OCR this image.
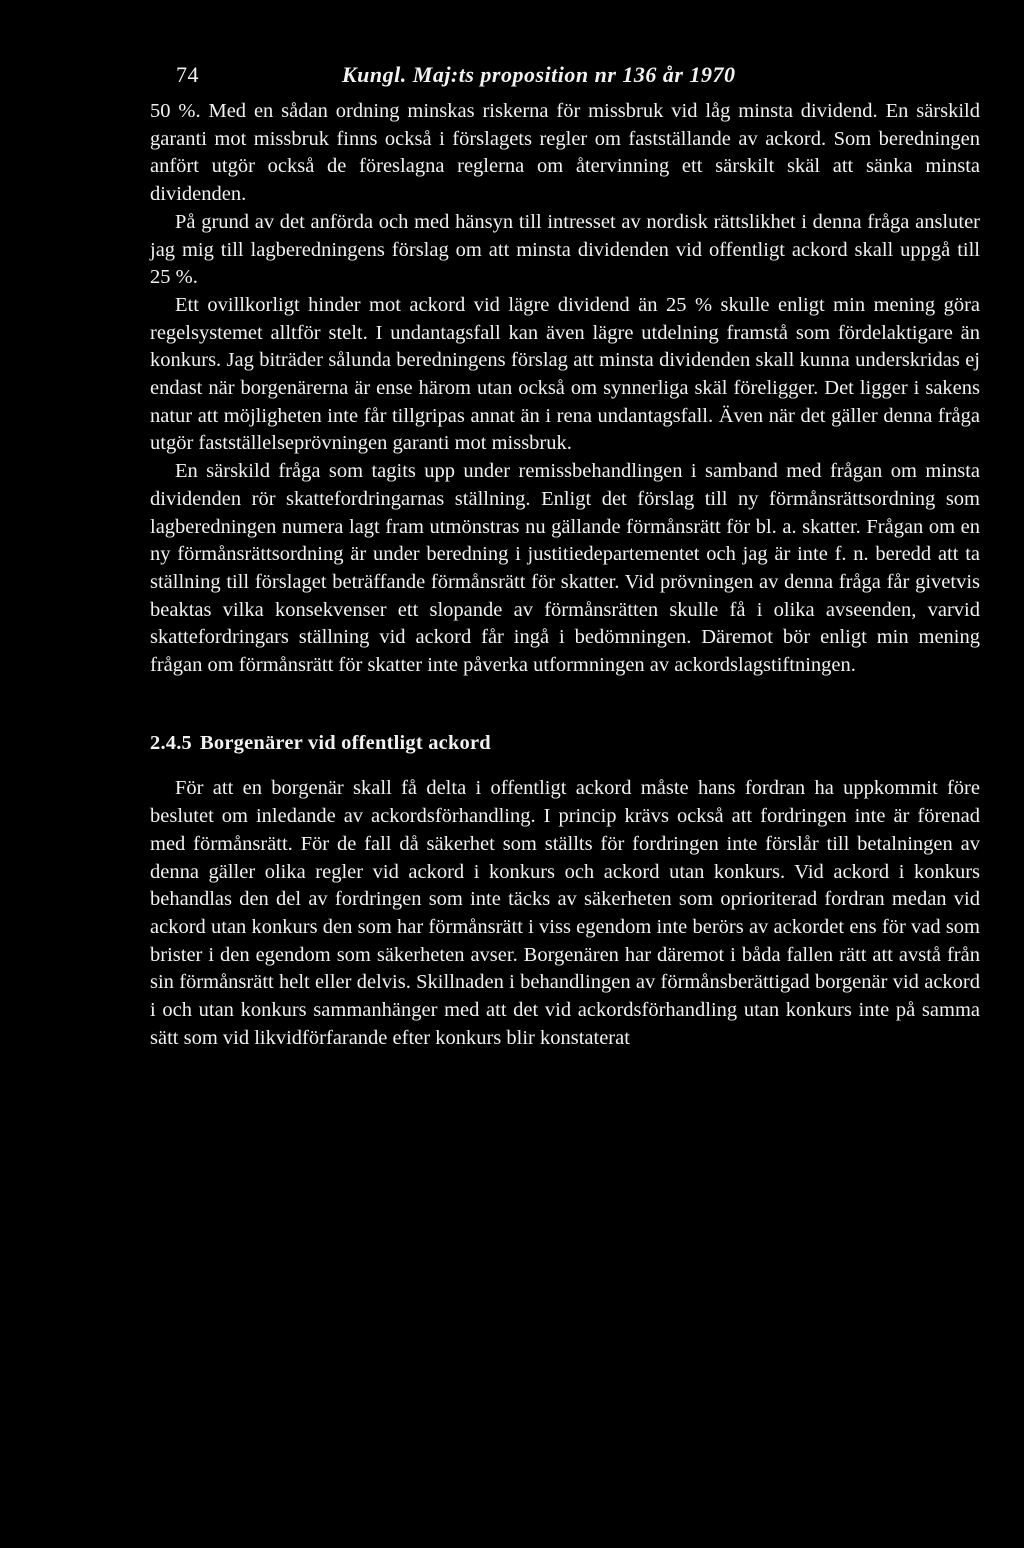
74	Kungl. Maj:ts proposition nr 136 år 1970

50 %. Med en sådan ordning minskas riskerna för missbruk vid låg minsta dividend. En särskild garanti mot missbruk finns också i förslagets regler om fastställande av ackord. Som beredningen anfört utgör också de föreslagna reglerna om återvinning ett särskilt skäl att sänka minsta dividenden.

På grund av det anförda och med hänsyn till intresset av nordisk rättslikhet i denna fråga ansluter jag mig till lagberedningens förslag om att minsta dividenden vid offentligt ackord skall uppgå till 25 %.

Ett ovillkorligt hinder mot ackord vid lägre dividend än 25 % skulle enligt min mening göra regelsystemet alltför stelt. I undantagsfall kan även lägre utdelning framstå som fördelaktigare än konkurs. Jag biträder sålunda beredningens förslag att minsta dividenden skall kunna underskridas ej endast när borgenärerna är ense härom utan också om synnerliga skäl föreligger. Det ligger i sakens natur att möjligheten inte får tillgripas annat än i rena undantagsfall. Även när det gäller denna fråga utgör fastställelseprövningen garanti mot missbruk.

En särskild fråga som tagits upp under remissbehandlingen i samband med frågan om minsta dividenden rör skattefordringarnas ställning. Enligt det förslag till ny förmånsrättsordning som lagberedningen numera lagt fram utmönstras nu gällande förmånsrätt för bl. a. skatter. Frågan om en ny förmånsrättsordning är under beredning i justitiedepartementet och jag är inte f. n. beredd att ta ställning till förslaget beträffande förmånsrätt för skatter. Vid prövningen av denna fråga får givetvis beaktas vilka konsekvenser ett slopande av förmånsrätten skulle få i olika avseenden, varvid skattefordringars ställning vid ackord får ingå i bedömningen. Däremot bör enligt min mening frågan om förmånsrätt för skatter inte påverka utformningen av ackordslagstiftningen.

2.4.5 Borgenärer vid offentligt ackord

För att en borgenär skall få delta i offentligt ackord måste hans fordran ha uppkommit före beslutet om inledande av ackordsförhandling. I princip krävs också att fordringen inte är förenad med förmånsrätt. För de fall då säkerhet som ställts för fordringen inte förslår till betalningen av denna gäller olika regler vid ackord i konkurs och ackord utan konkurs. Vid ackord i konkurs behandlas den del av fordringen som inte täcks av säkerheten som oprioriterad fordran medan vid ackord utan konkurs den som har förmånsrätt i viss egendom inte berörs av ackordet ens för vad som brister i den egendom som säkerheten avser. Borgenären har däremot i båda fallen rätt att avstå från sin förmånsrätt helt eller delvis. Skillnaden i behandlingen av förmånsberättigad borgenär vid ackord i och utan konkurs sammanhänger med att det vid ackordsförhandling utan konkurs inte på samma sätt som vid likvidförfarande efter konkurs blir konstaterat
